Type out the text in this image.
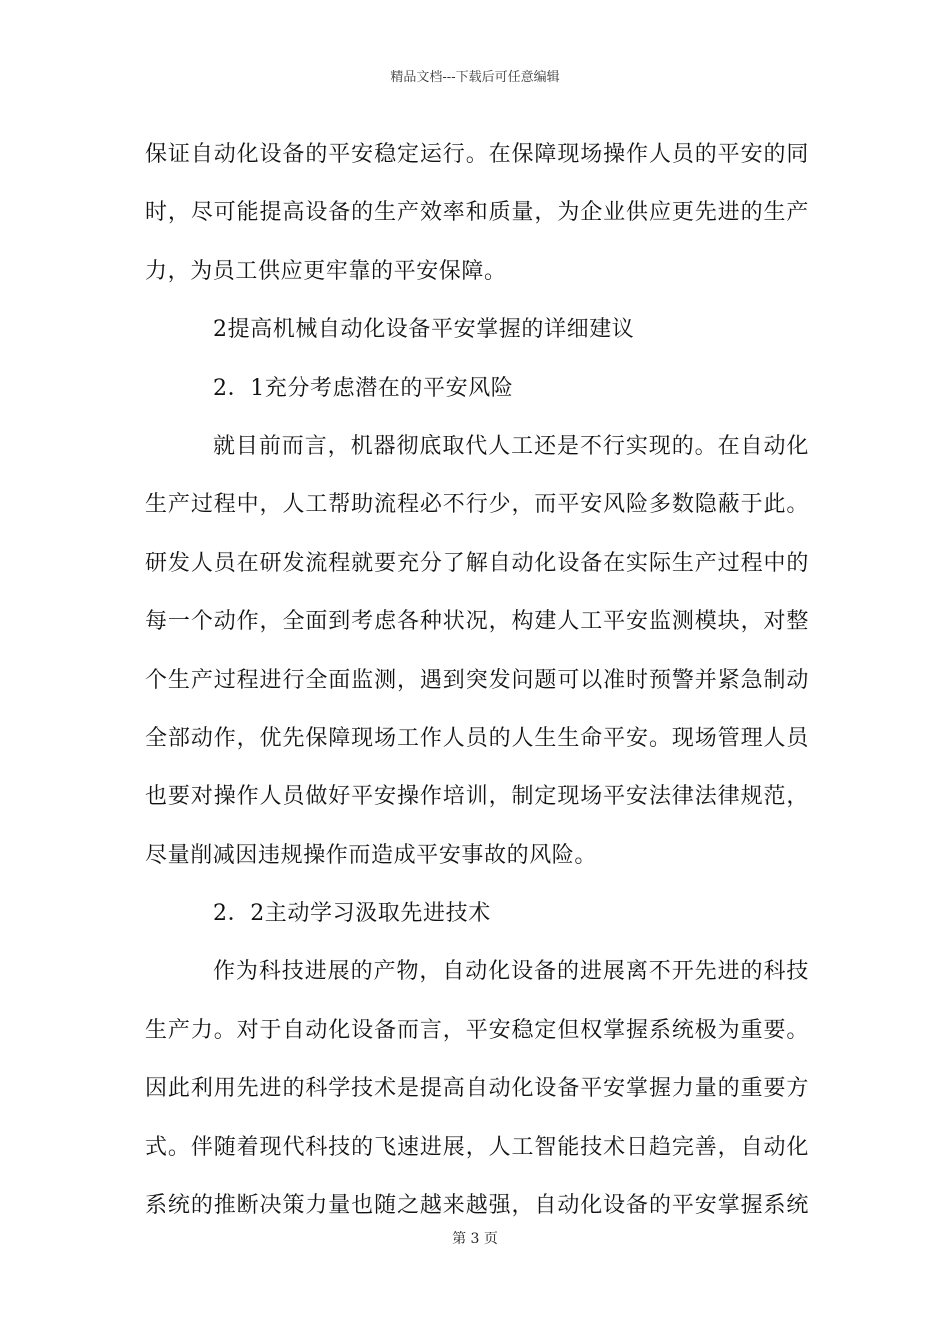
精品文档---下载后可任意编辑
保证自动化设备的平安稳定运行。在保障现场操作人员的平安的同
时，尽可能提高设备的生产效率和质量，为企业供应更先进的生产
力，为员工供应更牢靠的平安保障。
2提高机械自动化设备平安掌握的详细建议
2．1充分考虑潜在的平安风险
就目前而言，机器彻底取代人工还是不行实现的。在自动化
生产过程中，人工帮助流程必不行少，而平安风险多数隐蔽于此。
研发人员在研发流程就要充分了解自动化设备在实际生产过程中的
每一个动作，全面到考虑各种状况，构建人工平安监测模块，对整
个生产过程进行全面监测，遇到突发问题可以准时预警并紧急制动
全部动作，优先保障现场工作人员的人生生命平安。现场管理人员
也要对操作人员做好平安操作培训，制定现场平安法律法律规范，
尽量削减因违规操作而造成平安事故的风险。
2．2主动学习汲取先进技术
作为科技进展的产物，自动化设备的进展离不开先进的科技
生产力。对于自动化设备而言，平安稳定但权掌握系统极为重要。
因此利用先进的科学技术是提高自动化设备平安掌握力量的重要方
式。伴随着现代科技的飞速进展，人工智能技术日趋完善，自动化
系统的推断决策力量也随之越来越强，自动化设备的平安掌握系统
第 3 页
